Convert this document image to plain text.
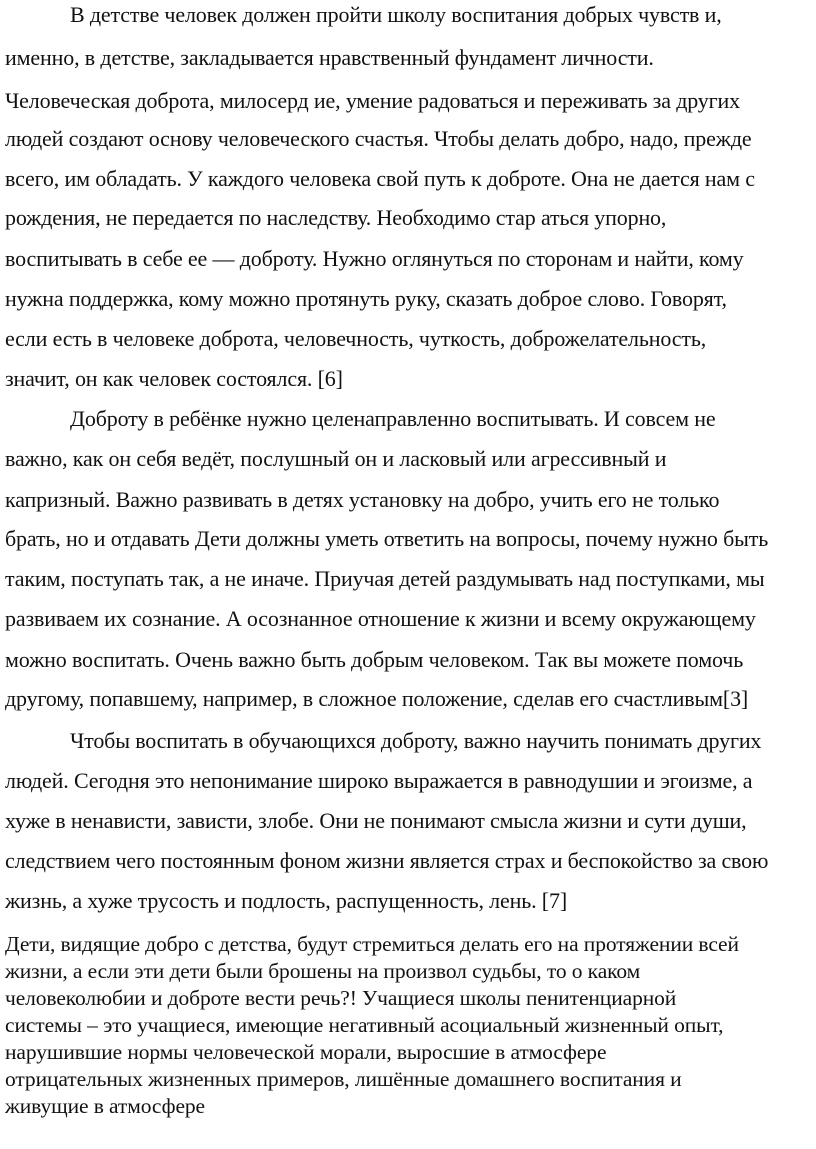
В детстве человек должен пройти школу воспитания добрых чувств и,
именно, в детстве, закладывается нравственный фундамент личности.
Человеческая доброта, милосерд ие, умение радоваться и переживать за других
людей создают основу человеческого счастья. Чтобы делать добро, надо, прежде
всего, им обладать. У каждого человека свой путь к доброте. Она не дается нам с
рождения, не передается по наследству. Необходимо стар аться упорно,
воспитывать в себе ее — доброту. Нужно оглянуться по сторонам и найти, кому
нужна поддержка, кому можно протянуть руку, сказать доброе слово. Говорят,
если есть в человеке доброта, человечность, чуткость, доброжелательность,
значит, он как человек состоялся. [6]
Доброту в ребёнке нужно целенаправленно воспитывать. И совсем не
важно, как он себя ведёт, послушный он и ласковый или агрессивный и
капризный. Важно развивать в детях установку на добро, учить его не только
брать, но и отдавать Дети должны уметь ответить на вопросы, почему нужно быть
таким, поступать так, а не иначе. Приучая детей раздумывать над поступками, мы
развиваем их сознание. А осознанное отношение к жизни и всему окружающему
можно воспитать. Очень важно быть добрым человеком. Так вы можете помочь
другому, попавшему, например, в сложное положение, сделав его счастливым[3]
Чтобы воспитать в обучающихся доброту, важно научить понимать других
людей. Сегодня это непонимание широко выражается в равнодушии и эгоизме, а
хуже в ненависти, зависти, злобе. Они не понимают смысла жизни и сути души,
следствием чего постоянным фоном жизни является страх и беспокойство за свою
жизнь, а хуже трусость и подлость, распущенность, лень. [7]
Дети, видящие добро с детства, будут стремиться делать его на протяжении всей
жизни, а если эти дети были брошены на произвол судьбы, то о каком
человеколюбии и доброте вести речь?! Учащиеся школы пенитенциарной
системы – это учащиеся, имеющие негативный асоциальный жизненный опыт,
нарушившие нормы человеческой морали, выросшие в атмосфере
отрицательных жизненных примеров, лишённые домашнего воспитания и
живущие в атмосфере
